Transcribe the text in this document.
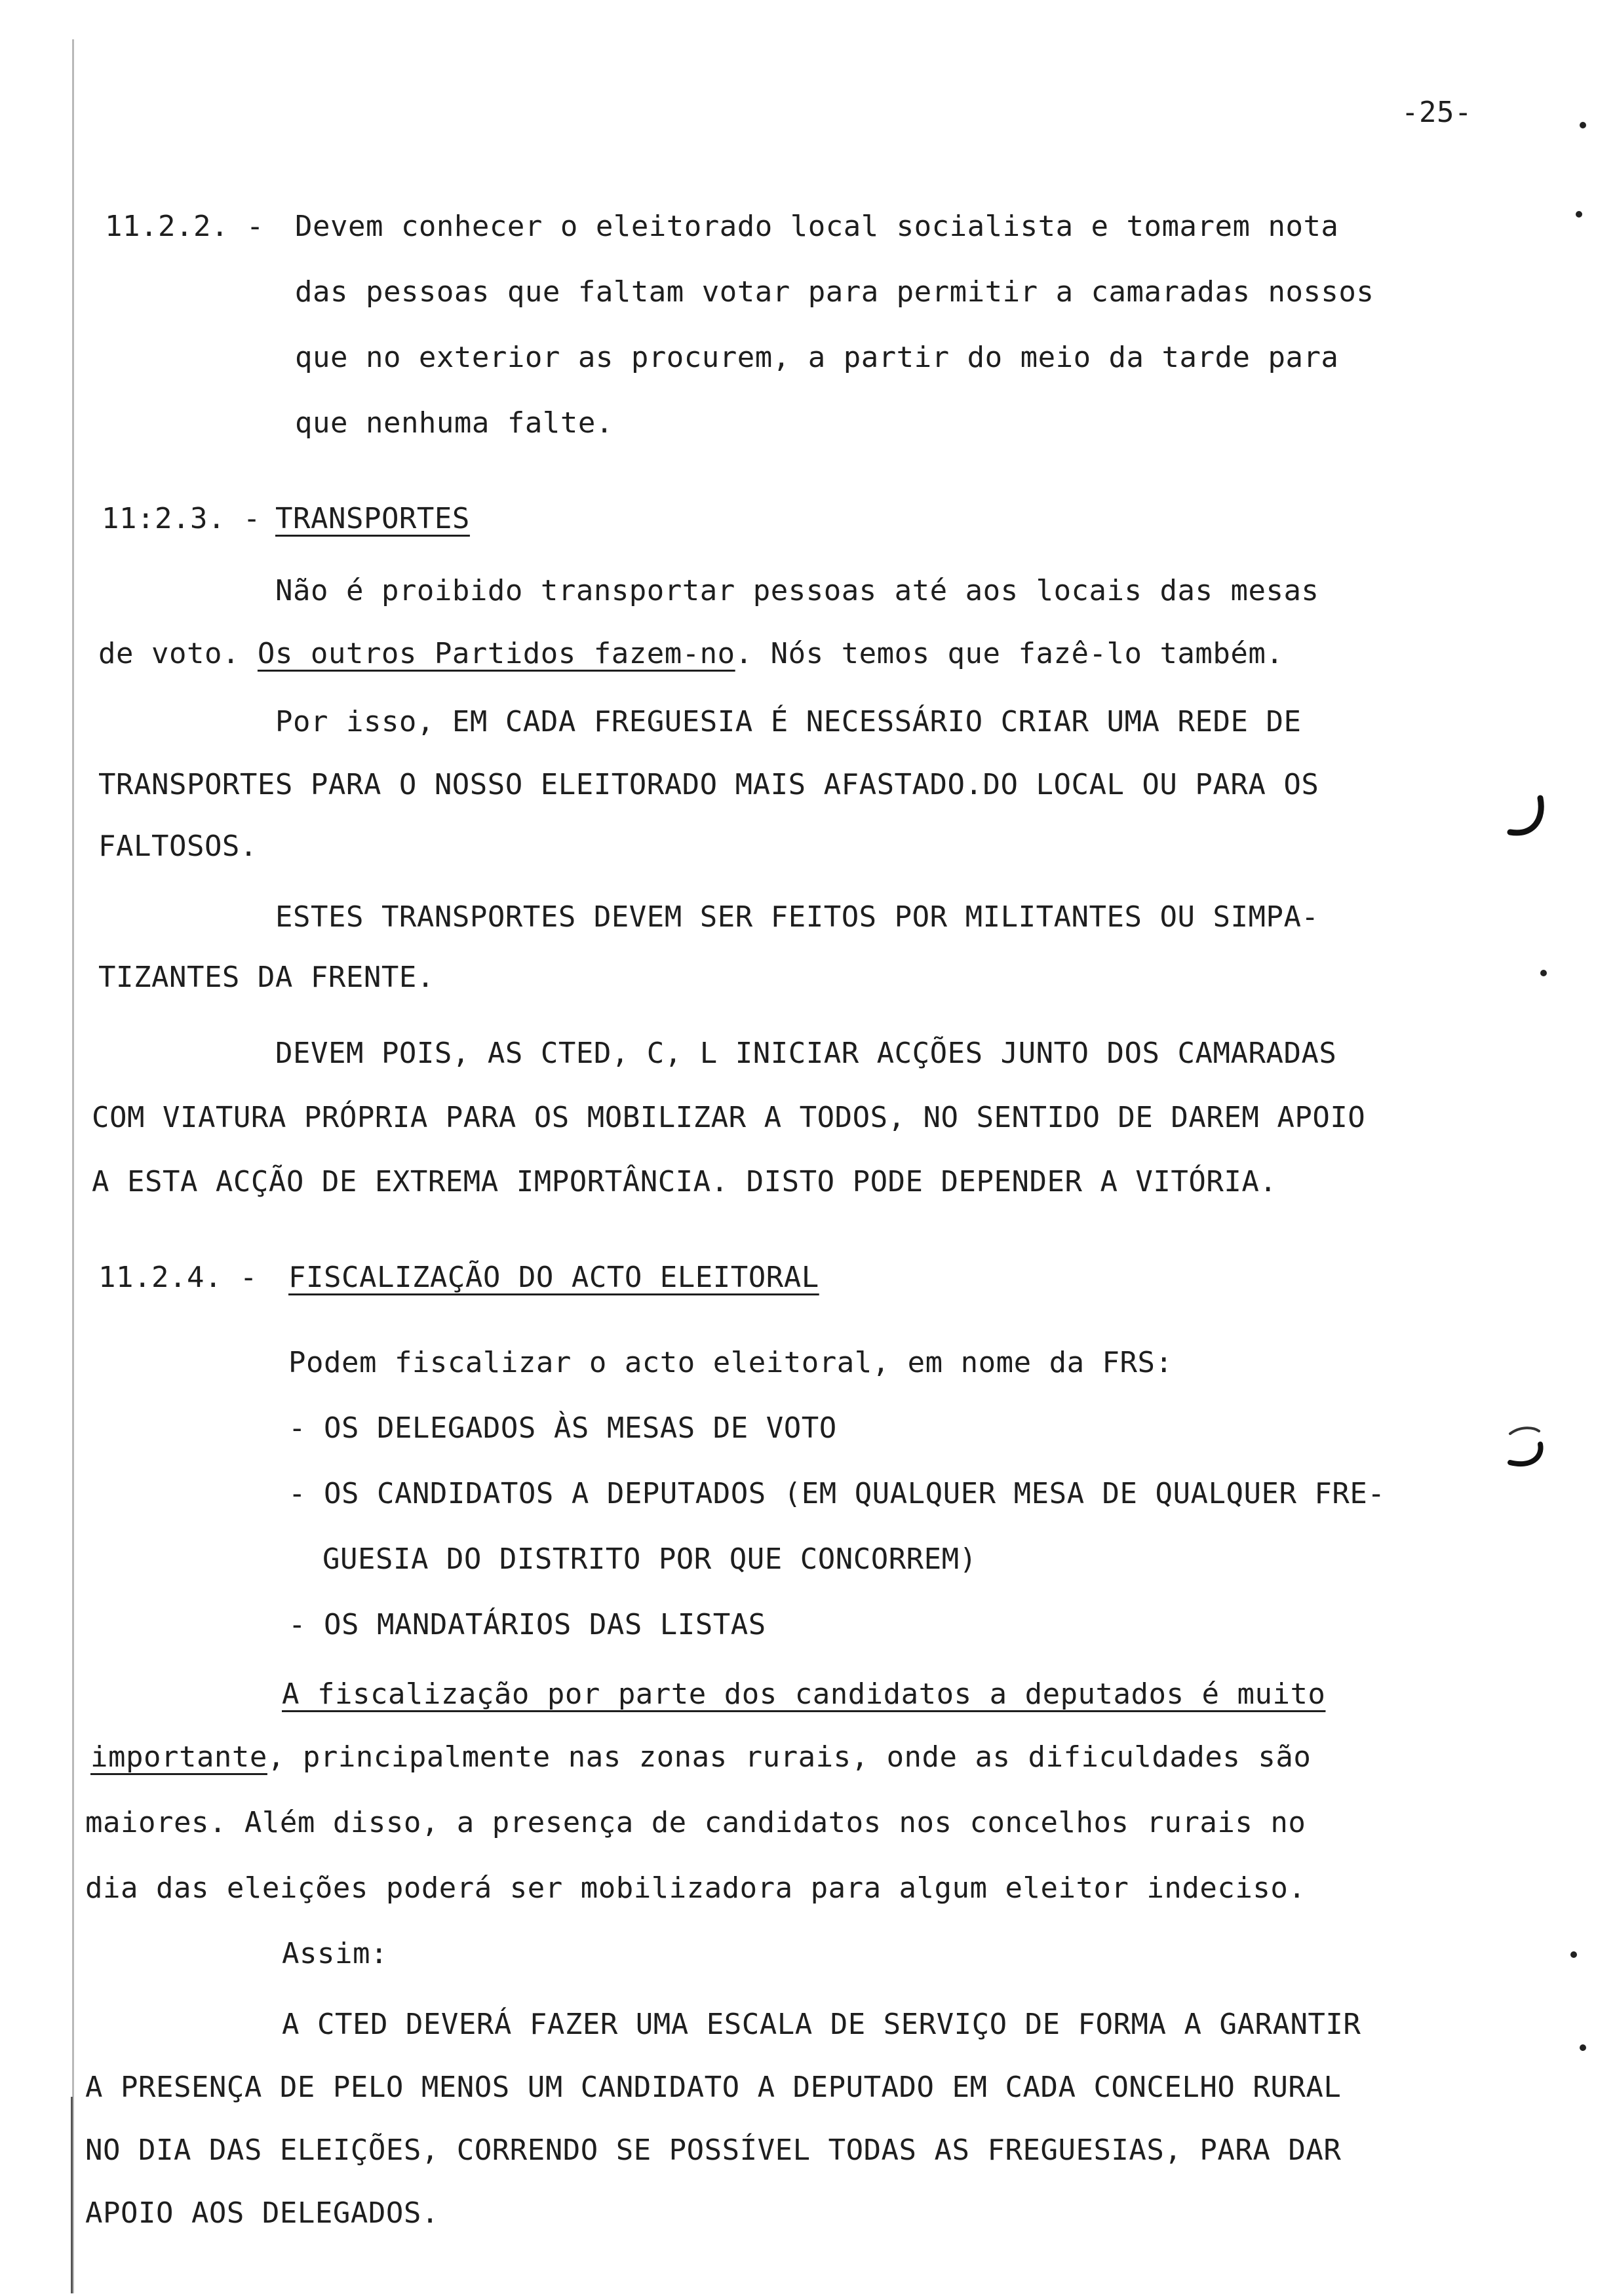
-25-
11.2.2. - Devem conhecer o eleitorado local socialista e tomarem nota
das pessoas que faltam votar para permitir a camaradas nossos
que no exterior as procurem, a partir do meio da tarde para
que nenhuma falte.
11:2.3. - TRANSPORTES
Não é proibido transportar pessoas até aos locais das mesas
de voto. Os outros Partidos fazem-no. Nós temos que fazê-lo também.
Por isso, EM CADA FREGUESIA É NECESSÁRIO CRIAR UMA REDE DE
TRANSPORTES PARA O NOSSO ELEITORADO MAIS AFASTADO.DO LOCAL OU PARA OS
FALTOSOS.
ESTES TRANSPORTES DEVEM SER FEITOS POR MILITANTES OU SIMPA-
TIZANTES DA FRENTE.
DEVEM POIS, AS CTED, C, L INICIAR ACÇÕES JUNTO DOS CAMARADAS
COM VIATURA PRÓPRIA PARA OS MOBILIZAR A TODOS, NO SENTIDO DE DAREM APOIO
A ESTA ACÇÃO DE EXTREMA IMPORTÂNCIA. DISTO PODE DEPENDER A VITÓRIA.
11.2.4. - FISCALIZAÇÃO DO ACTO ELEITORAL
Podem fiscalizar o acto eleitoral, em nome da FRS:
- OS DELEGADOS ÀS MESAS DE VOTO
- OS CANDIDATOS A DEPUTADOS (EM QUALQUER MESA DE QUALQUER FRE-
GUESIA DO DISTRITO POR QUE CONCORREM)
- OS MANDATÁRIOS DAS LISTAS
A fiscalização por parte dos candidatos a deputados é muito
importante, principalmente nas zonas rurais, onde as dificuldades são
maiores. Além disso, a presença de candidatos nos concelhos rurais no
dia das eleições poderá ser mobilizadora para algum eleitor indeciso.
Assim:
A CTED DEVERÁ FAZER UMA ESCALA DE SERVIÇO DE FORMA A GARANTIR
A PRESENÇA DE PELO MENOS UM CANDIDATO A DEPUTADO EM CADA CONCELHO RURAL
NO DIA DAS ELEIÇÕES, CORRENDO SE POSSÍVEL TODAS AS FREGUESIAS, PARA DAR
APOIO AOS DELEGADOS.
